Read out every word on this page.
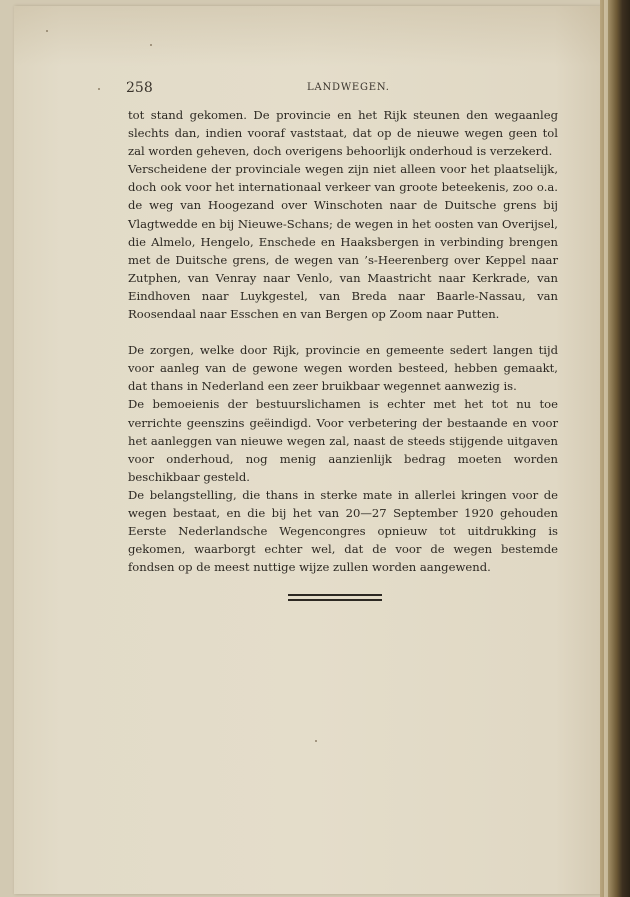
258	LANDWEGEN.

tot stand gekomen. De provincie en het Rijk steunen den wegaanleg slechts dan, indien vooraf vaststaat, dat op de nieuwe wegen geen tol zal worden geheven, doch overigens behoorlijk onderhoud is verzekerd.

Verscheidene der provinciale wegen zijn niet alleen voor het plaatselijk, doch ook voor het internationaal verkeer van groote beteekenis, zoo o.a. de weg van Hoogezand over Winschoten naar de Duitsche grens bij Vlagtwedde en bij Nieuwe-Schans; de wegen in het oosten van Overijsel, die Almelo, Hengelo, Enschede en Haaksbergen in verbinding brengen met de Duitsche grens, de wegen van ’s-Heerenberg over Keppel naar Zutphen, van Venray naar Venlo, van Maastricht naar Kerkrade, van Eindhoven naar Luykgestel, van Breda naar Baarle-Nassau, van Roosendaal naar Esschen en van Bergen op Zoom naar Putten.

De zorgen, welke door Rijk, provincie en gemeente sedert langen tijd voor aanleg van de gewone wegen worden besteed, hebben gemaakt, dat thans in Nederland een zeer bruikbaar wegennet aanwezig is.

De bemoeienis der bestuurslichamen is echter met het tot nu toe verrichte geenszins geëindigd. Voor verbetering der bestaande en voor het aanleggen van nieuwe wegen zal, naast de steeds stijgende uitgaven voor onderhoud, nog menig aanzienlijk bedrag moeten worden beschikbaar gesteld.

De belangstelling, die thans in sterke mate in allerlei kringen voor de wegen bestaat, en die bij het van 20—27 September 1920 gehouden Eerste Nederlandsche Wegencongres opnieuw tot uitdrukking is gekomen, waarborgt echter wel, dat de voor de wegen bestemde fondsen op de meest nuttige wijze zullen worden aangewend.
